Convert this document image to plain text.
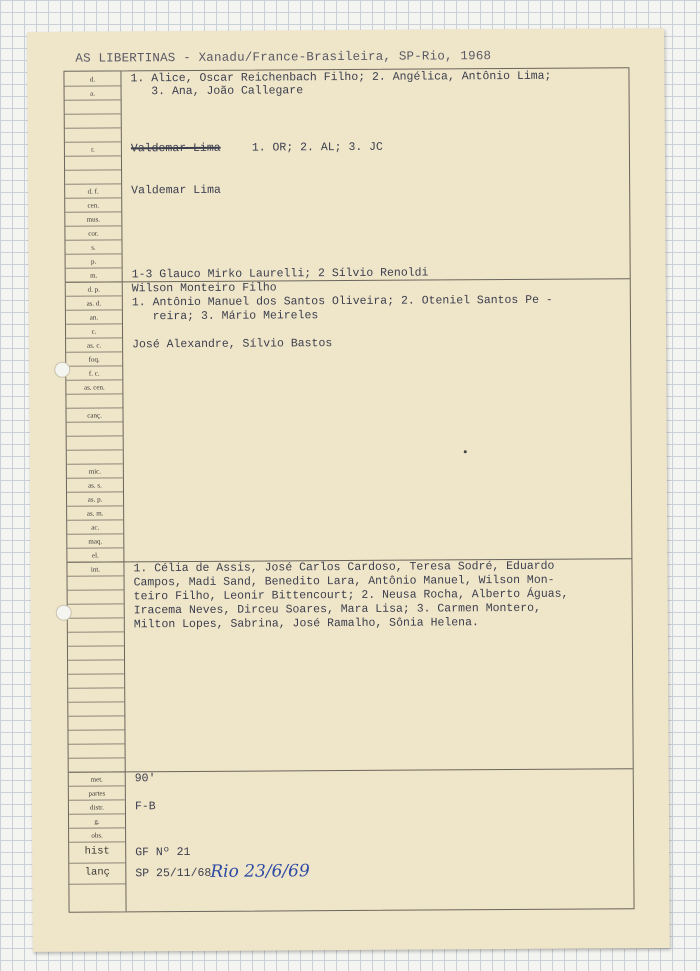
AS LIBERTINAS - Xanadu/France-Brasileira, SP-Rio, 1968
d.
a.
r.
d. f.
cen.
mus.
cor.
s.
p.
m.
1. Alice, Oscar Reichenbach Filho; 2. Angélica, Antônio Lima;
3. Ana, João Callegare
Valdemar Lima 1. OR; 2. AL; 3. JC
Valdemar Lima
1-3 Glauco Mirko Laurelli; 2 Sílvio Renoldi
d. p.
as. d.
an.
c.
as. c.
foq.
f. c.
as. cen.
canç.
mic.
as. s.
as. p.
as. m.
ac.
maq.
el.
Wilson Monteiro Filho
1. Antônio Manuel dos Santos Oliveira; 2. Oteniel Santos Pe -
reira; 3. Mário Meireles
José Alexandre, Sílvio Bastos
int.	1. Célia de Assis, José Carlos Cardoso, Teresa Sodré, Eduardo
Campos, Madi Sand, Benedito Lara, Antônio Manuel, Wilson Mon-
teiro Filho, Leonir Bittencourt; 2. Neusa Rocha, Alberto Águas,
Iracema Neves, Dirceu Soares, Mara Lisa; 3. Carmen Montero,
Milton Lopes, Sabrina, José Ramalho, Sônia Helena.
met.
partes
distr.
g.
obs.
hist
lanç
90'
F-B
GF Nº 21
SP 25/11/68
Rio 23/6/69
